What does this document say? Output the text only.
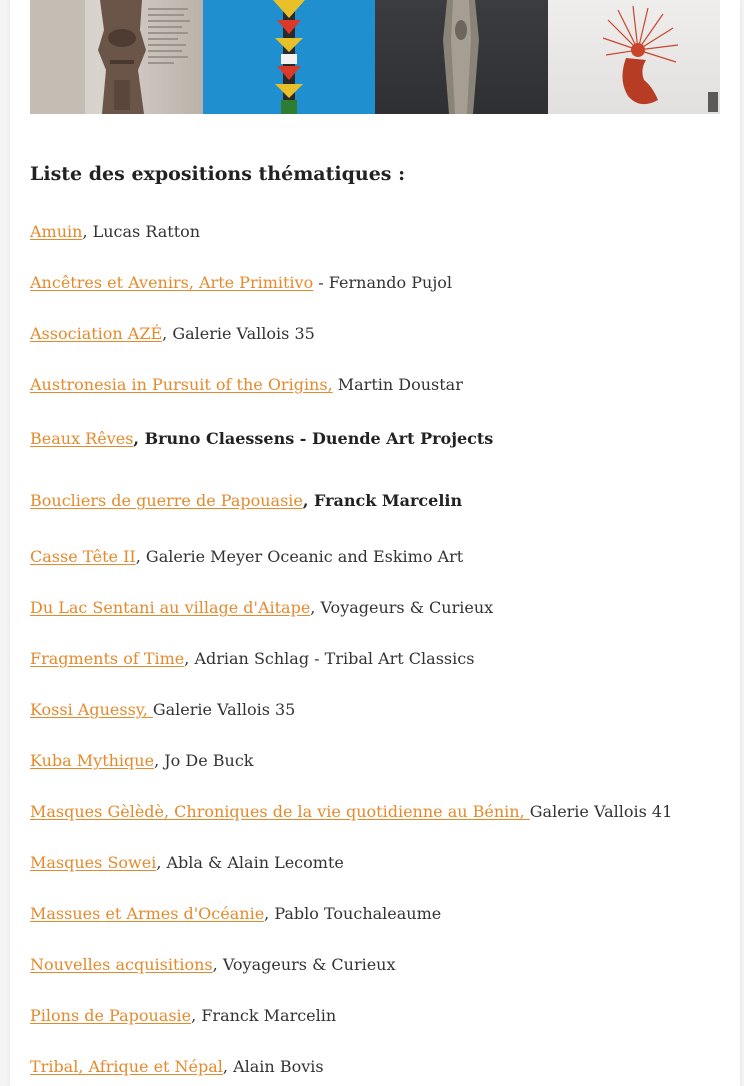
Liste des expositions thématiques :

Amuin, Lucas Ratton

Ancêtres et Avenirs, Arte Primitivo - Fernando Pujol

Association AZÉ, Galerie Vallois 35

Austronesia in Pursuit of the Origins, Martin Doustar

Beaux Rêves, Bruno Claessens - Duende Art Projects

Boucliers de guerre de Papouasie, Franck Marcelin

Casse Tête II, Galerie Meyer Oceanic and Eskimo Art

Du Lac Sentani au village d'Aitape, Voyageurs & Curieux

Fragments of Time, Adrian Schlag - Tribal Art Classics

Kossi Aguessy, Galerie Vallois 35

Kuba Mythique, Jo De Buck

Masques Gèlèdè, Chroniques de la vie quotidienne au Bénin, Galerie Vallois 41

Masques Sowei, Abla & Alain Lecomte

Massues et Armes d'Océanie, Pablo Touchaleaume

Nouvelles acquisitions, Voyageurs & Curieux

Pilons de Papouasie, Franck Marcelin

Tribal, Afrique et Népal, Alain Bovis
